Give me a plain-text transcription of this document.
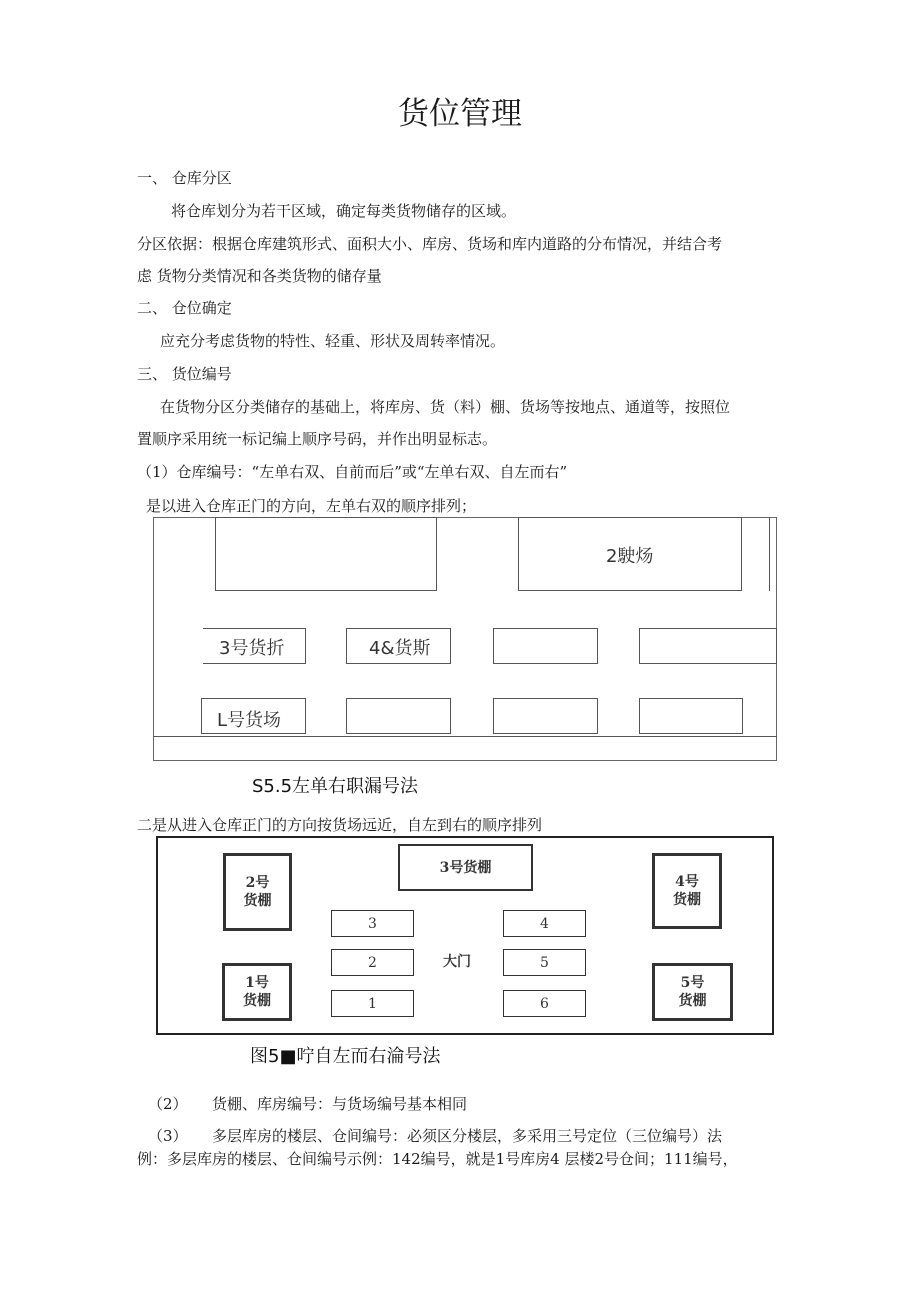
货位管理
一、 仓库分区
将仓库划分为若干区域，确定每类货物储存的区域。
分区依据：根据仓库建筑形式、面积大小、库房、货场和库内道路的分布情况，并结合考
虑 货物分类情况和各类货物的储存量
二、 仓位确定
应充分考虑货物的特性、轻重、形状及周转率情况。
三、 货位编号
在货物分区分类储存的基础上，将库房、货（料）棚、货场等按地点、通道等，按照位
置顺序采用统一标记编上顺序号码，并作出明显标志。
（1）仓库编号：“左单右双、自前而后”或“左单右双、自左而右”
是以进入仓库正门的方向，左单右双的顺序排列；
2駛炀
3号货折	4&货斯
L号货场
S5.5左单右职漏号法
二是从进入仓库正门的方向按货场远近，自左到右的顺序排列
2号
货棚
3号货棚
4号
货棚
1号
货棚
5号
货棚
3
2
1
4
5
6
大门
图5■咛自左而右淪号法
（2） 货棚、库房编号：与货场编号基本相同
（3） 多层库房的楼层、仓间编号：必须区分楼层，多采用三号定位（三位编号）法
例：多层库房的楼层、仓间编号示例：142编号，就是1号库房4 层楼2号仓间；111编号，
